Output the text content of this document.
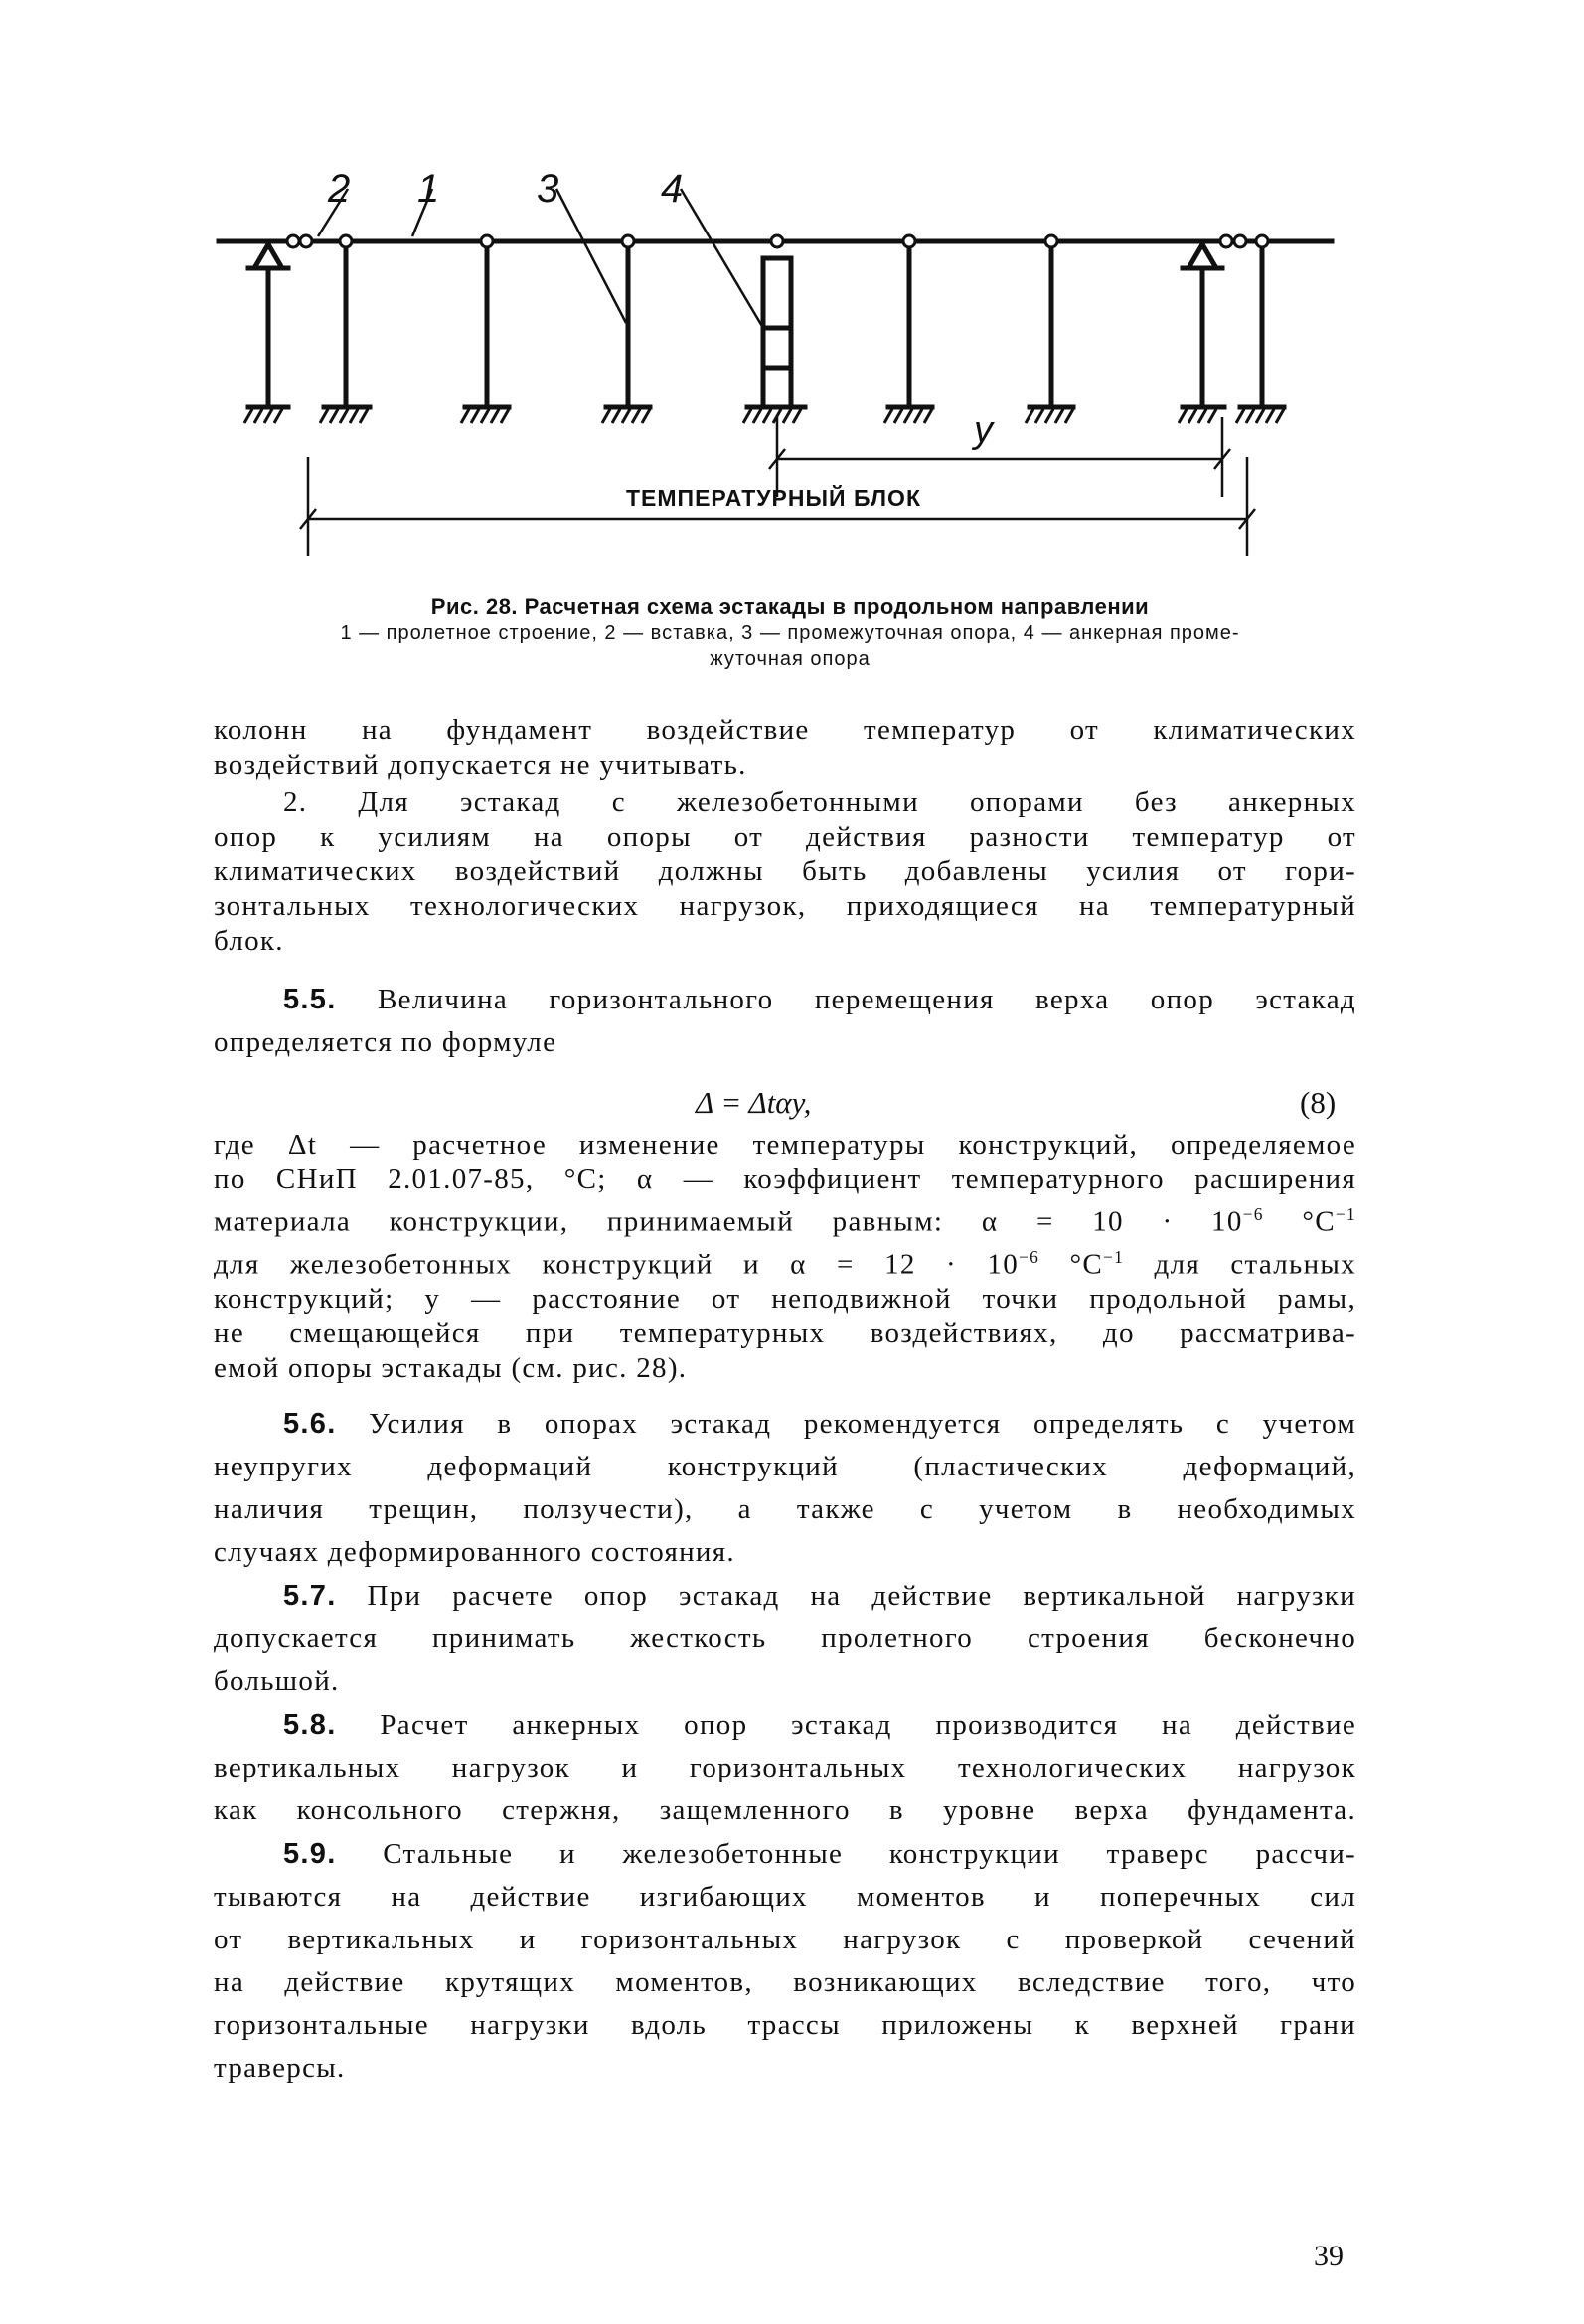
2 1 3	4
y
ТЕМПЕРАТУРНЫЙ БЛОК
Рис. 28. Расчетная схема эстакады в продольном направлении
1 — пролетное строение, 2 — вставка, 3 — промежуточная опора, 4 — анкерная проме-
жуточная опора
колонн на фундамент воздействие температур от климатических
воздействий допускается не учитывать.
2. Для эстакад с железобетонными опорами без анкерных
опор к усилиям на опоры от действия разности температур от
климатических воздействий должны быть добавлены усилия от гори-
зонтальных технологических нагрузок, приходящиеся на температурный
блок.
5.5. Величина горизонтального перемещения верха опор эстакад
определяется по формуле
Δ = Δtαy,	(8)
где Δt — расчетное изменение температуры конструкций, определяемое
по СНиП 2.01.07-85, °С; α — коэффициент температурного расширения
материала конструкции, принимаемый равным: $\alpha = 10 \cdot 10^{-6}$ $^\circ С^{-1}$
для железобетонных конструкций и $\alpha = 12 \cdot 10^{-6}$ $^\circ С^{-1}$ для стальных
конструкций; y — расстояние от неподвижной точки продольной рамы,
не смещающейся при температурных воздействиях, до рассматрива-
емой опоры эстакады (см. рис. 28).
5.6. Усилия в опорах эстакад рекомендуется определять с учетом
неупругих деформаций конструкций (пластических деформаций,
наличия трещин, ползучести), а также с учетом в необходимых
случаях деформированного состояния.
5.7. При расчете опор эстакад на действие вертикальной нагрузки
допускается принимать жесткость пролетного строения бесконечно
большой.
5.8. Расчет анкерных опор эстакад производится на действие
вертикальных нагрузок и горизонтальных технологических нагрузок
как консольного стержня, защемленного в уровне верха фундамента.
5.9. Стальные и железобетонные конструкции траверс рассчи-
тываются на действие изгибающих моментов и поперечных сил
от вертикальных и горизонтальных нагрузок с проверкой сечений
на действие крутящих моментов, возникающих вследствие того, что
горизонтальные нагрузки вдоль трассы приложены к верхней грани
траверсы.
39
